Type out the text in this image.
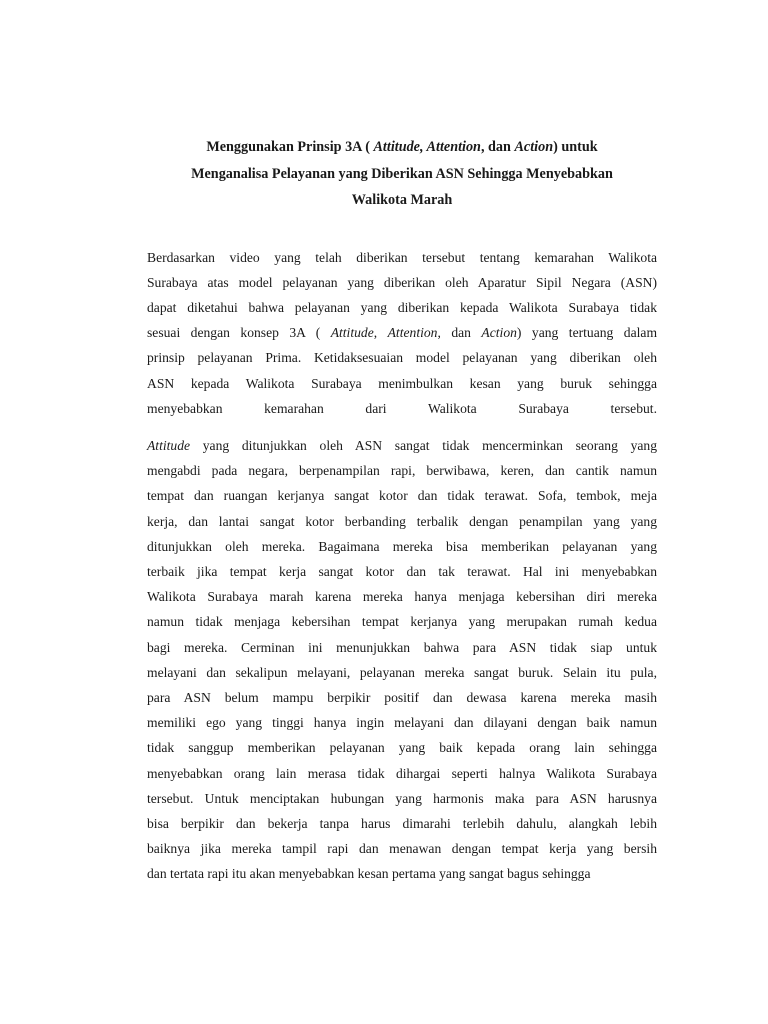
Menggunakan Prinsip 3A ( Attitude, Attention, dan Action) untuk
Menganalisa Pelayanan yang Diberikan ASN Sehingga Menyebabkan
Walikota Marah

Berdasarkan video yang telah diberikan tersebut tentang kemarahan Walikota
Surabaya atas model pelayanan yang diberikan oleh Aparatur Sipil Negara (ASN)
dapat diketahui bahwa pelayanan yang diberikan kepada Walikota Surabaya tidak
sesuai dengan konsep 3A ( Attitude, Attention, dan Action) yang tertuang dalam
prinsip pelayanan Prima. Ketidaksesuaian model pelayanan yang diberikan oleh
ASN kepada Walikota Surabaya menimbulkan kesan yang buruk sehingga
menyebabkan kemarahan dari Walikota Surabaya tersebut.

Attitude yang ditunjukkan oleh ASN sangat tidak mencerminkan seorang yang
mengabdi pada negara, berpenampilan rapi, berwibawa, keren, dan cantik namun
tempat dan ruangan kerjanya sangat kotor dan tidak terawat. Sofa, tembok, meja
kerja, dan lantai sangat kotor berbanding terbalik dengan penampilan yang yang
ditunjukkan oleh mereka. Bagaimana mereka bisa memberikan pelayanan yang
terbaik jika tempat kerja sangat kotor dan tak terawat. Hal ini menyebabkan
Walikota Surabaya marah karena mereka hanya menjaga kebersihan diri mereka
namun tidak menjaga kebersihan tempat kerjanya yang merupakan rumah kedua
bagi mereka. Cerminan ini menunjukkan bahwa para ASN tidak siap untuk
melayani dan sekalipun melayani, pelayanan mereka sangat buruk. Selain itu pula,
para ASN belum mampu berpikir positif dan dewasa karena mereka masih
memiliki ego yang tinggi hanya ingin melayani dan dilayani dengan baik namun
tidak sanggup memberikan pelayanan yang baik kepada orang lain sehingga
menyebabkan orang lain merasa tidak dihargai seperti halnya Walikota Surabaya
tersebut. Untuk menciptakan hubungan yang harmonis maka para ASN harusnya
bisa berpikir dan bekerja tanpa harus dimarahi terlebih dahulu, alangkah lebih
baiknya jika mereka tampil rapi dan menawan dengan tempat kerja yang bersih
dan tertata rapi itu akan menyebabkan kesan pertama yang sangat bagus sehingga
